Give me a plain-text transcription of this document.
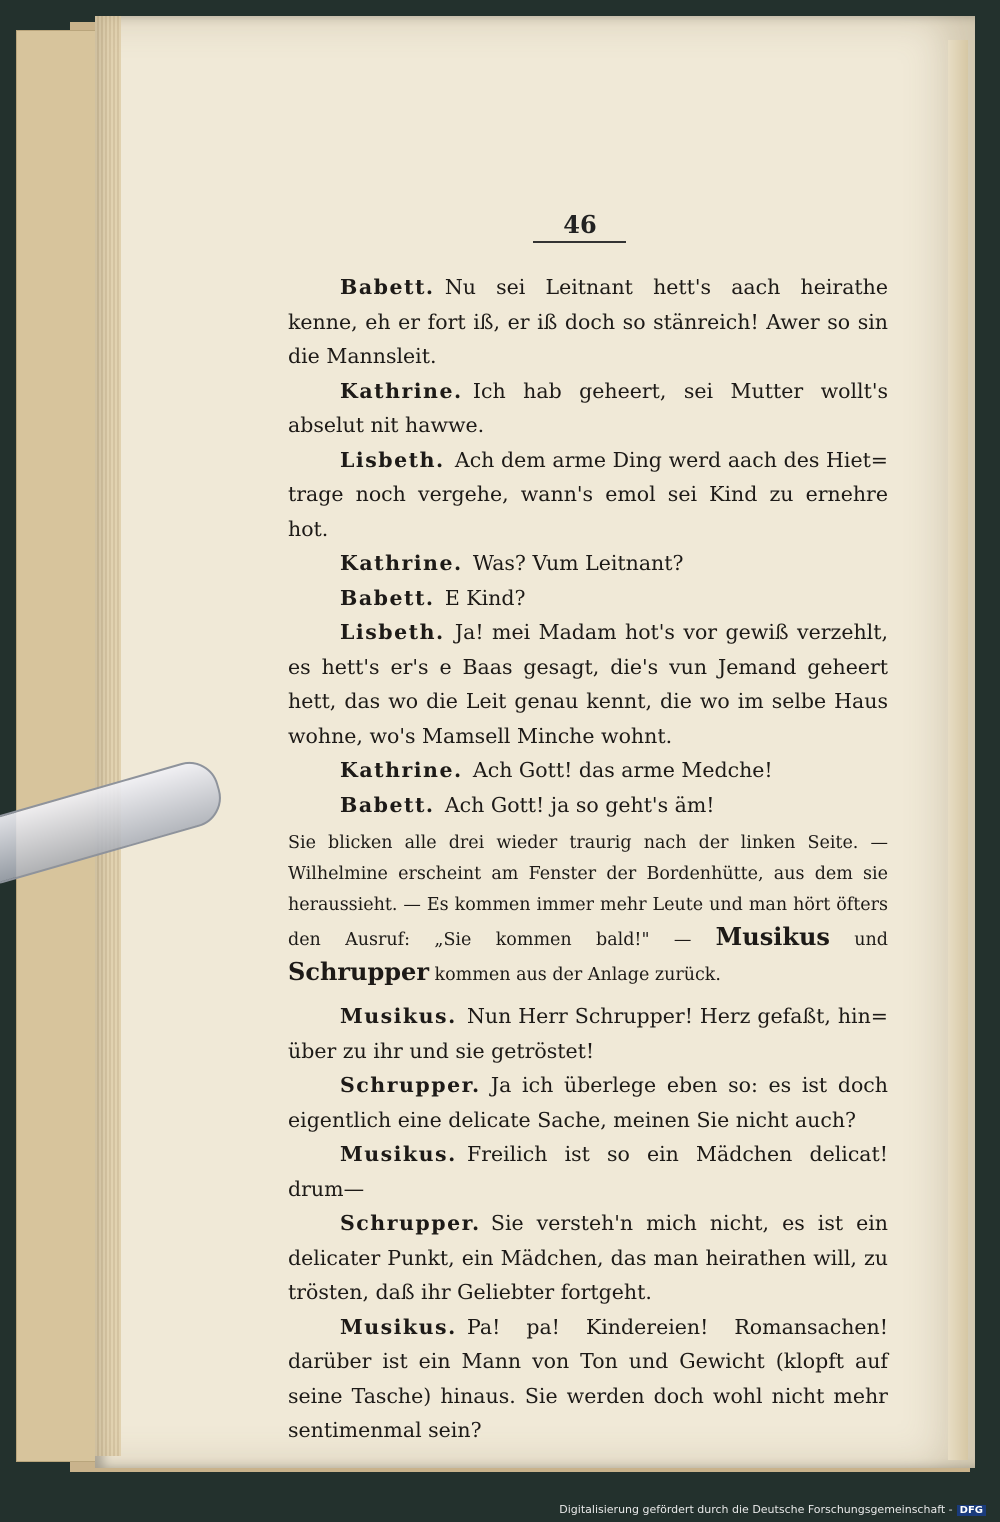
46
Babett.  Nu sei Leitnant hett's aach heirathe kenne, eh er fort iß, er iß doch so stänreich! Awer so sin die Mannsleit.
Kathrine.  Ich hab geheert, sei Mutter wollt's abselut nit hawwe.
Lisbeth.  Ach dem arme Ding werd aach des Hiet= trage noch vergehe, wann's emol sei Kind zu ernehre hot.
Kathrine.  Was? Vum Leitnant?
Babett.  E Kind?
Lisbeth.  Ja! mei Madam hot's vor gewiß verzehlt, es hett's er's e Baas gesagt, die's vun Jemand geheert hett, das wo die Leit genau kennt, die wo im selbe Haus wohne, wo's Mamsell Minche wohnt.
Kathrine.  Ach Gott! das arme Medche!
Babett.  Ach Gott! ja so geht's äm!
Sie blicken alle drei wieder traurig nach der linken Seite. — Wilhelmine erscheint am Fenster der Bordenhütte, aus dem sie heraussieht. — Es kommen immer mehr Leute und man hört öfters den Ausruf: „Sie kommen bald!" — Musikus und Schrupper kommen aus der Anlage zurück.
Musikus.  Nun Herr Schrupper! Herz gefaßt, hin= über zu ihr und sie getröstet!
Schrupper.  Ja ich überlege eben so: es ist doch eigentlich eine delicate Sache, meinen Sie nicht auch?
Musikus.  Freilich ist so ein Mädchen delicat! drum—
Schrupper.  Sie versteh'n mich nicht, es ist ein delicater Punkt, ein Mädchen, das man heirathen will, zu trösten, daß ihr Geliebter fortgeht.
Musikus.  Pa! pa! Kindereien! Romansachen! darüber ist ein Mann von Ton und Gewicht (klopft auf seine Tasche) hinaus. Sie werden doch wohl nicht mehr sentimenmal sein?
Digitalisierung gefördert durch die Deutsche Forschungsgemeinschaft - DFG
